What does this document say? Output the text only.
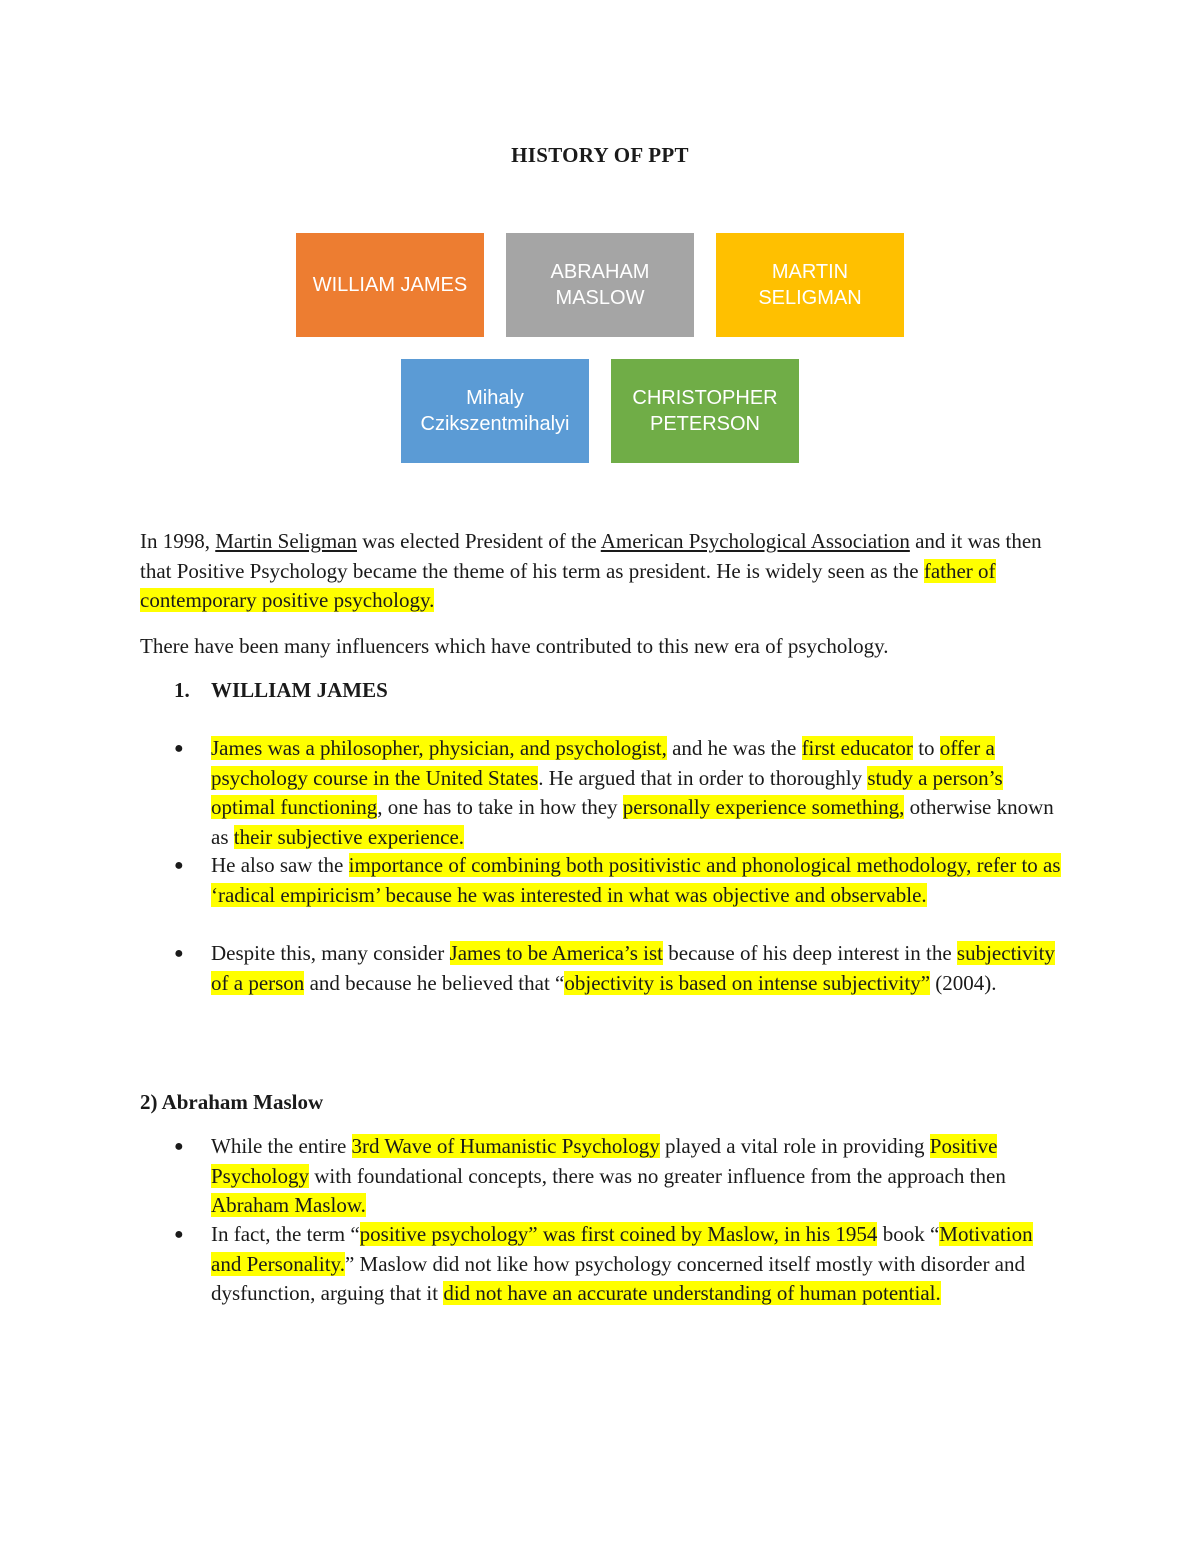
HISTORY OF PPT
WILLIAM JAMES
ABRAHAM
MASLOW
MARTIN
SELIGMAN
Mihaly
Czikszentmihalyi
CHRISTOPHER
PETERSON
In 1998, Martin Seligman was elected President of the American Psychological Association and it was then that Positive Psychology became the theme of his term as president. He is widely seen as the father of contemporary positive psychology.
There have been many influencers which have contributed to this new era of psychology.
1. WILLIAM JAMES
● James was a philosopher, physician, and psychologist, and he was the first educator to offer a psychology course in the United States. He argued that in order to thoroughly study a person’s optimal functioning, one has to take in how they personally experience something, otherwise known as their subjective experience.
● He also saw the importance of combining both positivistic and phonological methodology, refer to as ‘radical empiricism’ because he was interested in what was objective and observable.
● Despite this, many consider James to be America’s ist because of his deep interest in the subjectivity of a person and because he believed that “objectivity is based on intense subjectivity” (2004).
2) Abraham Maslow
● While the entire 3rd Wave of Humanistic Psychology played a vital role in providing Positive Psychology with foundational concepts, there was no greater influence from the approach then Abraham Maslow.
● In fact, the term “positive psychology” was first coined by Maslow, in his 1954 book “Motivation and Personality.” Maslow did not like how psychology concerned itself mostly with disorder and dysfunction, arguing that it did not have an accurate understanding of human potential.
